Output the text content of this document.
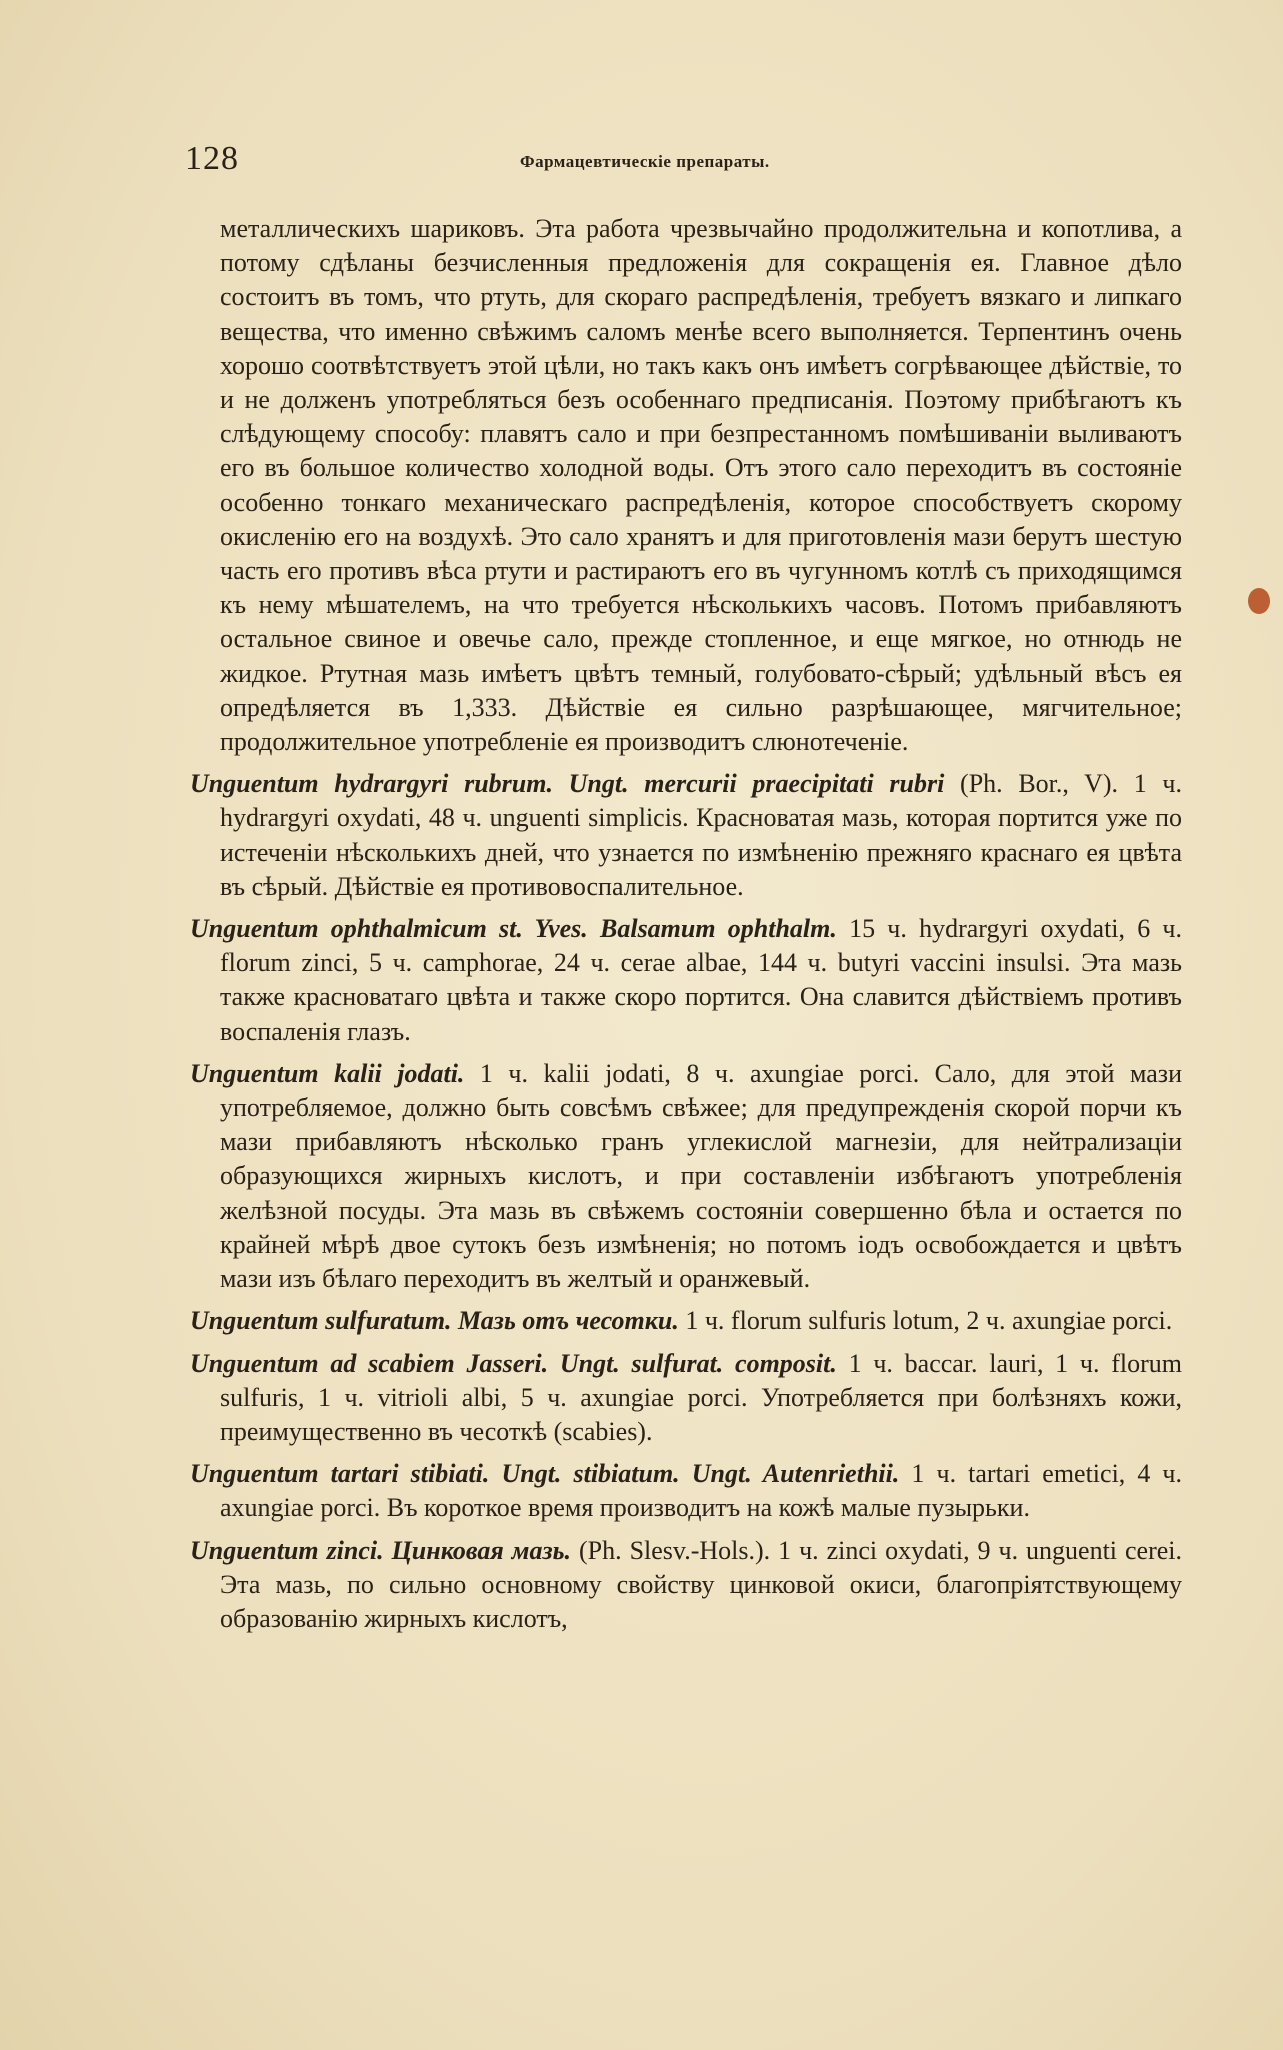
128	Фармацевтическіе препараты.

металлическихъ шариковъ. Эта работа чрезвычайно продолжительна и копотлива, а потому сдѣланы безчисленныя предложенія для сокращенія ея. Главное дѣло состоитъ въ томъ, что ртуть, для скораго распредѣленія, требуетъ вязкаго и липкаго вещества, что именно свѣжимъ саломъ менѣе всего выполняется. Терпентинъ очень хорошо соотвѣтствуетъ этой цѣли, но такъ какъ онъ имѣетъ согрѣвающее дѣйствіе, то и не долженъ употребляться безъ особеннаго предписанія. Поэтому прибѣгаютъ къ слѣдующему способу: плавятъ сало и при безпрестанномъ помѣшиваніи выливаютъ его въ большое количество холодной воды. Отъ этого сало переходитъ въ состояніе особенно тонкаго механическаго распредѣленія, которое способствуетъ скорому окисленію его на воздухѣ. Это сало хранятъ и для приготовленія мази берутъ шестую часть его противъ вѣса ртути и растираютъ его въ чугунномъ котлѣ съ приходящимся къ нему мѣшателемъ, на что требуется нѣсколькихъ часовъ. Потомъ прибавляютъ остальное свиное и овечье сало, прежде стопленное, и еще мягкое, но отнюдь не жидкое. Ртутная мазь имѣетъ цвѣтъ темный, голубовато-сѣрый; удѣльный вѣсъ ея опредѣляется въ 1,333. Дѣйствіе ея сильно разрѣшающее, мягчительное; продолжительное употребленіе ея производитъ слюнотеченіе.

Unguentum hydrargyri rubrum. Ungt. mercurii praecipitati rubri (Ph. Bor., V). 1 ч. hydrargyri oxydati, 48 ч. unguenti simplicis. Красноватая мазь, которая портится уже по истеченіи нѣсколькихъ дней, что узнается по измѣненію прежняго краснаго ея цвѣта въ сѣрый. Дѣйствіе ея противовоспалительное.

Unguentum ophthalmicum st. Yves. Balsamum ophthalm. 15 ч. hydrargyri oxydati, 6 ч. florum zinci, 5 ч. camphorae, 24 ч. cerae albae, 144 ч. butyri vaccini insulsi. Эта мазь также красноватаго цвѣта и также скоро портится. Она славится дѣйствіемъ противъ воспаленія глазъ.

Unguentum kalii jodati. 1 ч. kalii jodati, 8 ч. axungiae porci. Сало, для этой мази употребляемое, должно быть совсѣмъ свѣжее; для предупрежденія скорой порчи къ мази прибавляютъ нѣсколько гранъ углекислой магнезіи, для нейтрализаціи образующихся жирныхъ кислотъ, и при составленіи избѣгаютъ употребленія желѣзной посуды. Эта мазь въ свѣжемъ состояніи совершенно бѣла и остается по крайней мѣрѣ двое сутокъ безъ измѣненія; но потомъ іодъ освобождается и цвѣтъ мази изъ бѣлаго переходитъ въ желтый и оранжевый.

Unguentum sulfuratum. Мазь отъ чесотки. 1 ч. florum sulfuris lotum, 2 ч. axungiae porci.

Unguentum ad scabiem Jasseri. Ungt. sulfurat. composit. 1 ч. baccar. lauri, 1 ч. florum sulfuris, 1 ч. vitrioli albi, 5 ч. axungiae porci. Употребляется при болѣзняхъ кожи, преимущественно въ чесоткѣ (scabies).

Unguentum tartari stibiati. Ungt. stibiatum. Ungt. Autenriethii. 1 ч. tartari emetici, 4 ч. axungiae porci. Въ короткое время производитъ на кожѣ малые пузырьки.

Unguentum zinci. Цинковая мазь. (Ph. Slesv.-Hols.). 1 ч. zinci oxydati, 9 ч. unguenti cerei. Эта мазь, по сильно основному свойству цинковой окиси, благопріятствующему образованію жирныхъ кислотъ,
